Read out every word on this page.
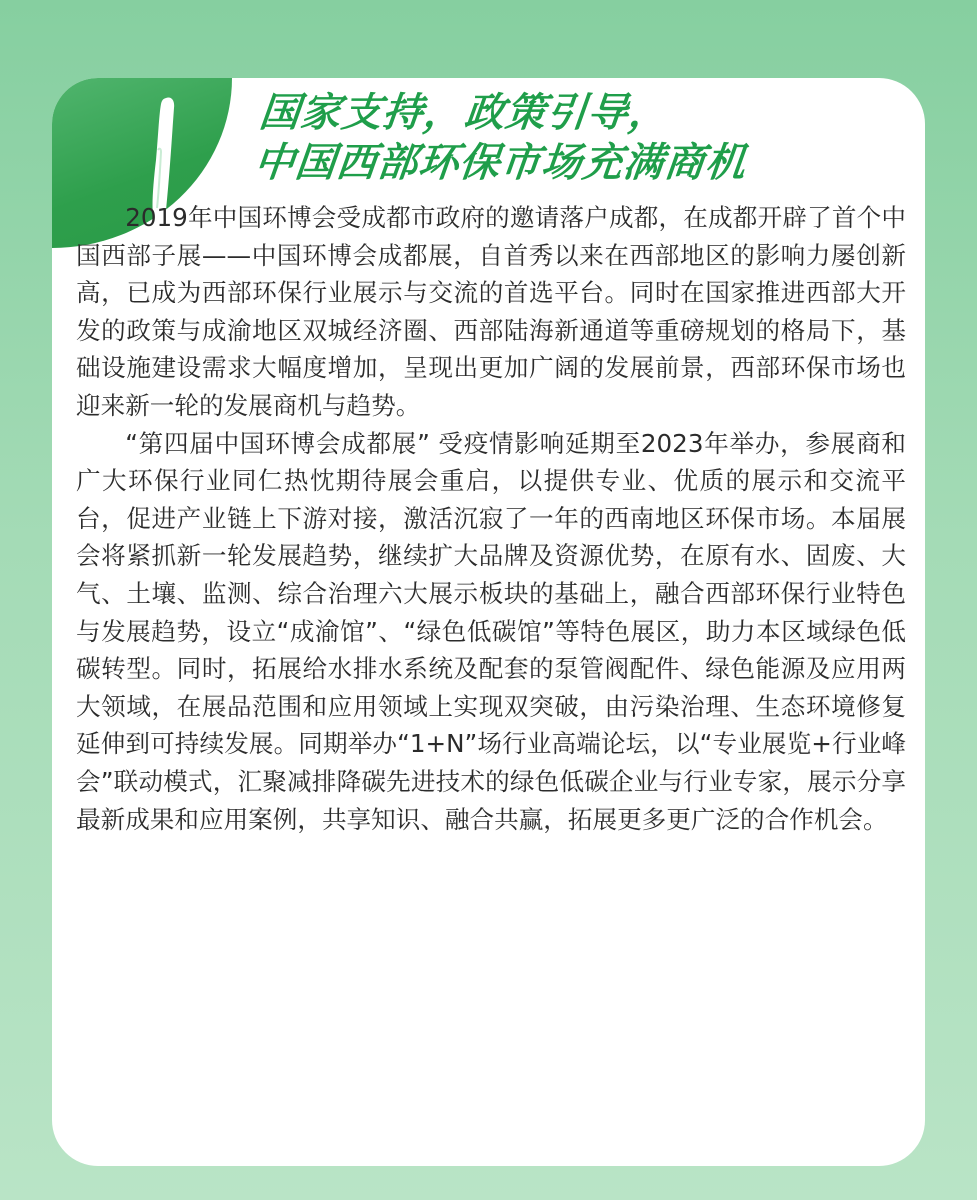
国家支持，政策引导，
中国西部环保市场充满商机

2019年中国环博会受成都市政府的邀请落户成都，在成都开辟了首个中国西部子展——中国环博会成都展，自首秀以来在西部地区的影响力屡创新高，已成为西部环保行业展示与交流的首选平台。同时在国家推进西部大开发的政策与成渝地区双城经济圈、西部陆海新通道等重磅规划的格局下，基础设施建设需求大幅度增加，呈现出更加广阔的发展前景，西部环保市场也迎来新一轮的发展商机与趋势。

“第四届中国环博会成都展” 受疫情影响延期至2023年举办，参展商和广大环保行业同仁热忱期待展会重启，以提供专业、优质的展示和交流平台，促进产业链上下游对接，激活沉寂了一年的西南地区环保市场。本届展会将紧抓新一轮发展趋势，继续扩大品牌及资源优势，在原有水、固废、大气、土壤、监测、综合治理六大展示板块的基础上，融合西部环保行业特色与发展趋势，设立“成渝馆”、“绿色低碳馆”等特色展区，助力本区域绿色低碳转型。同时，拓展给水排水系统及配套的泵管阀配件、绿色能源及应用两大领域，在展品范围和应用领域上实现双突破，由污染治理、生态环境修复延伸到可持续发展。同期举办“1+N”场行业高端论坛，以“专业展览+行业峰会”联动模式，汇聚减排降碳先进技术的绿色低碳企业与行业专家，展示分享最新成果和应用案例，共享知识、融合共赢，拓展更多更广泛的合作机会。
